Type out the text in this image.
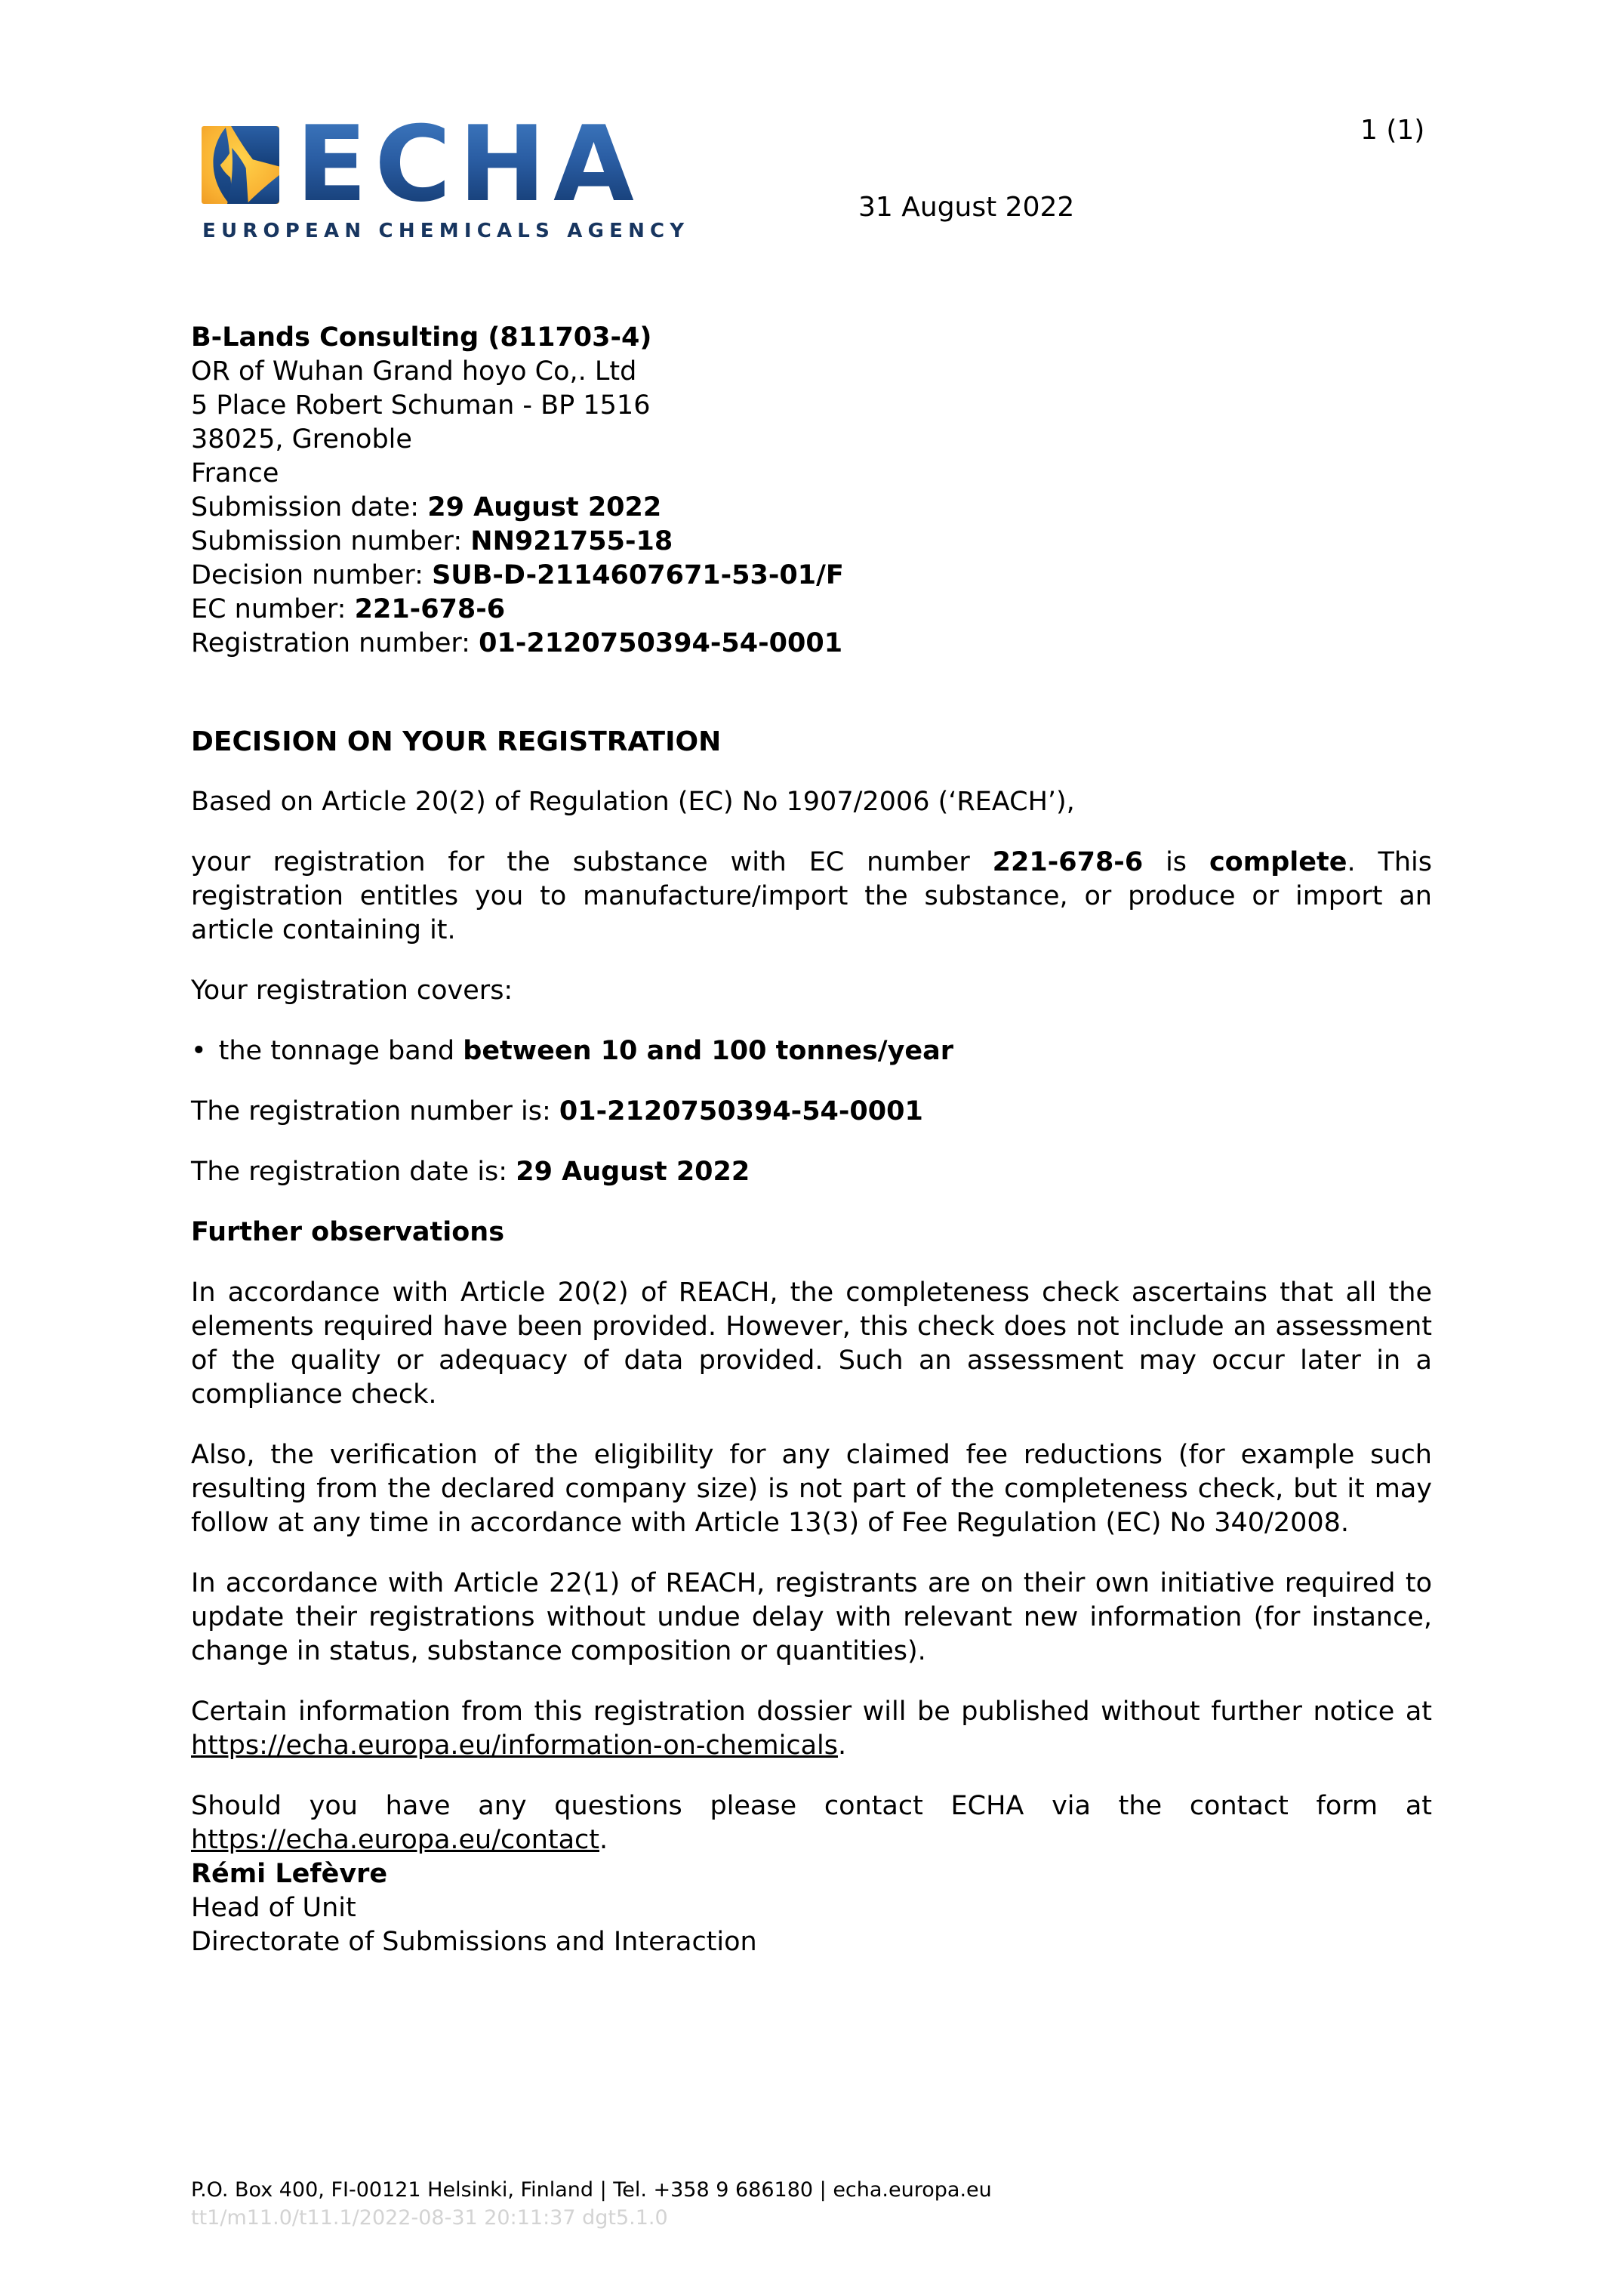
ECHA
EUROPEAN CHEMICALS AGENCY
1 (1)
31 August 2022
B-Lands Consulting (811703-4)
OR of Wuhan Grand hoyo Co,. Ltd
5 Place Robert Schuman - BP 1516
38025, Grenoble
France
Submission date: 29 August 2022
Submission number: NN921755-18
Decision number: SUB-D-2114607671-53-01/F
EC number: 221-678-6
Registration number: 01-2120750394-54-0001
DECISION ON YOUR REGISTRATION

Based on Article 20(2) of Regulation (EC) No 1907/2006 (‘REACH’),

your registration for the substance with EC number 221-678-6 is complete. This registration entitles you to manufacture/import the substance, or produce or import an article containing it.

Your registration covers:

• the tonnage band between 10 and 100 tonnes/year

The registration number is: 01-2120750394-54-0001

The registration date is: 29 August 2022

Further observations

In accordance with Article 20(2) of REACH, the completeness check ascertains that all the elements required have been provided. However, this check does not include an assessment of the quality or adequacy of data provided. Such an assessment may occur later in a compliance check.

Also, the verification of the eligibility for any claimed fee reductions (for example such resulting from the declared company size) is not part of the completeness check, but it may follow at any time in accordance with Article 13(3) of Fee Regulation (EC) No 340/2008.

In accordance with Article 22(1) of REACH, registrants are on their own initiative required to update their registrations without undue delay with relevant new information (for instance, change in status, substance composition or quantities).

Certain information from this registration dossier will be published without further notice at https://echa.europa.eu/information-on-chemicals.

Should you have any questions please contact ECHA via the contact form at https://echa.europa.eu/contact.

Rémi Lefèvre
Head of Unit
Directorate of Submissions and Interaction
P.O. Box 400, FI-00121 Helsinki, Finland | Tel. +358 9 686180 | echa.europa.eu
tt1/m11.0/t11.1/2022-08-31 20:11:37 dgt5.1.0
